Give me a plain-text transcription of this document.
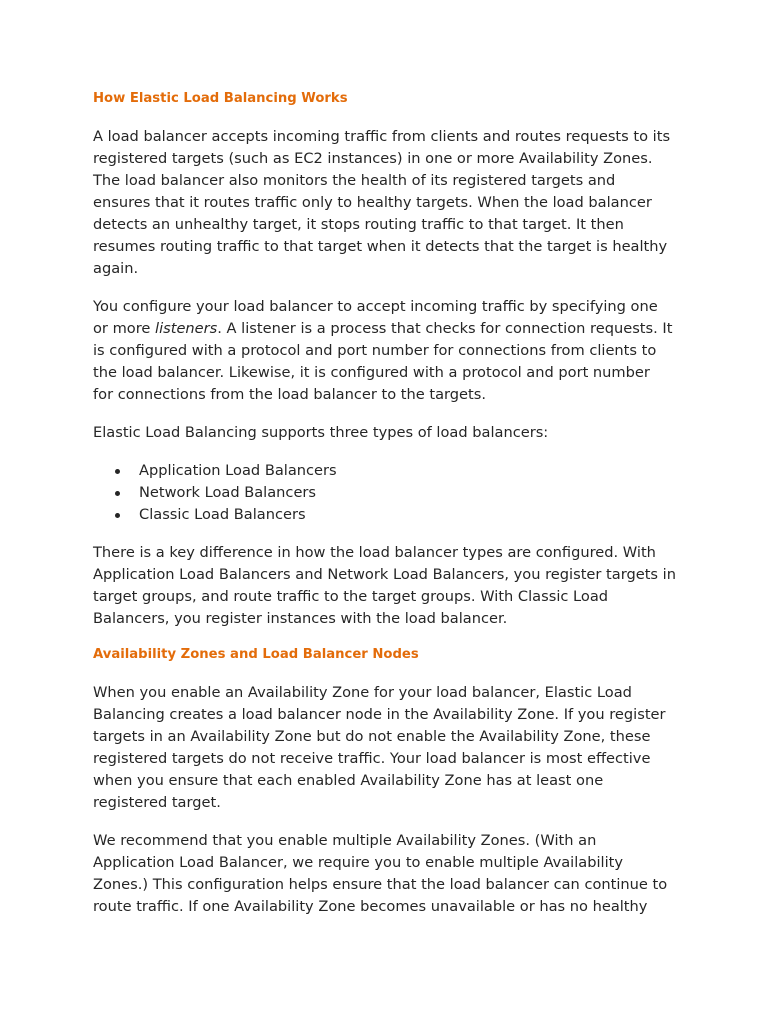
How Elastic Load Balancing Works

A load balancer accepts incoming traffic from clients and routes requests to its
registered targets (such as EC2 instances) in one or more Availability Zones.
The load balancer also monitors the health of its registered targets and
ensures that it routes traffic only to healthy targets. When the load balancer
detects an unhealthy target, it stops routing traffic to that target. It then
resumes routing traffic to that target when it detects that the target is healthy
again.

You configure your load balancer to accept incoming traffic by specifying one
or more listeners. A listener is a process that checks for connection requests. It
is configured with a protocol and port number for connections from clients to
the load balancer. Likewise, it is configured with a protocol and port number
for connections from the load balancer to the targets.

Elastic Load Balancing supports three types of load balancers:

Application Load Balancers
Network Load Balancers
Classic Load Balancers

There is a key difference in how the load balancer types are configured. With
Application Load Balancers and Network Load Balancers, you register targets in
target groups, and route traffic to the target groups. With Classic Load
Balancers, you register instances with the load balancer.

Availability Zones and Load Balancer Nodes

When you enable an Availability Zone for your load balancer, Elastic Load
Balancing creates a load balancer node in the Availability Zone. If you register
targets in an Availability Zone but do not enable the Availability Zone, these
registered targets do not receive traffic. Your load balancer is most effective
when you ensure that each enabled Availability Zone has at least one
registered target.

We recommend that you enable multiple Availability Zones. (With an
Application Load Balancer, we require you to enable multiple Availability
Zones.) This configuration helps ensure that the load balancer can continue to
route traffic. If one Availability Zone becomes unavailable or has no healthy
